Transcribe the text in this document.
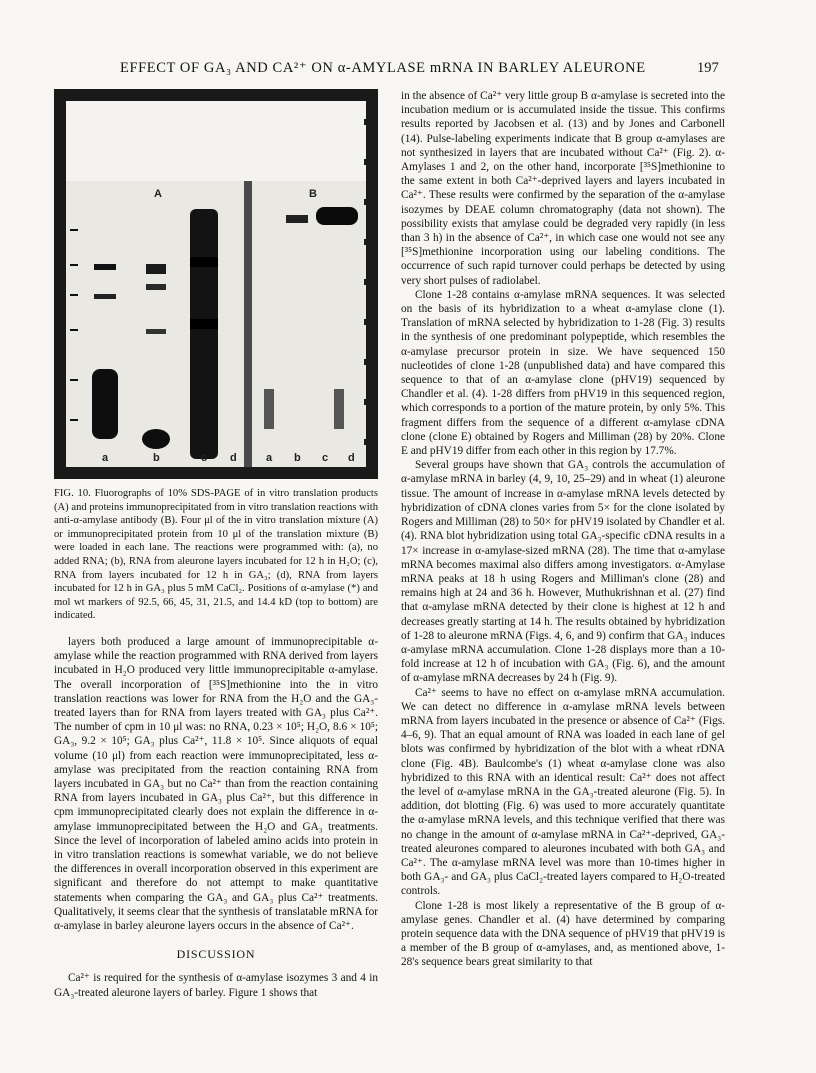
EFFECT OF GA₃ AND CA²⁺ ON α-AMYLASE mRNA IN BARLEY ALEURONE	197
A	B
a	b	c d	a b c d

FIG. 10. Fluorographs of 10% SDS-PAGE of in vitro translation products (A) and proteins immunoprecipitated from in vitro translation reactions with anti-α-amylase antibody (B). Four μl of the in vitro translation mixture (A) or immunoprecipitated protein from 10 μl of the translation mixture (B) were loaded in each lane. The reactions were programmed with: (a), no added RNA; (b), RNA from aleurone layers incubated for 12 h in H₂O; (c), RNA from layers incubated for 12 h in GA₃; (d), RNA from layers incubated for 12 h in GA₃ plus 5 mM CaCl₂. Positions of α-amylase (*) and mol wt markers of 92.5, 66, 45, 31, 21.5, and 14.4 kD (top to bottom) are indicated.

layers both produced a large amount of immunoprecipitable α-amylase while the reaction programmed with RNA derived from layers incubated in H₂O produced very little immunoprecipitable α-amylase. The overall incorporation of [³⁵S]methionine into the in vitro translation reactions was lower for RNA from the H₂O and the GA₃-treated layers than for RNA from layers treated with GA₃ plus Ca²⁺. The number of cpm in 10 μl was: no RNA, 0.23 × 10⁵; H₂O, 8.6 × 10⁵; GA₃, 9.2 × 10⁵; GA₃ plus Ca²⁺, 11.8 × 10⁵. Since aliquots of equal volume (10 μl) from each reaction were immunoprecipitated, less α-amylase was precipitated from the reaction containing RNA from layers incubated in GA₃ but no Ca²⁺ than from the reaction containing RNA from layers incubated in GA₃ plus Ca²⁺, but this difference in cpm immunoprecipitated clearly does not explain the difference in α-amylase immunoprecipitated between the H₂O and GA₃ treatments. Since the level of incorporation of labeled amino acids into protein in in vitro translation reactions is somewhat variable, we do not believe the differences in overall incorporation observed in this experiment are significant and therefore do not attempt to make quantitative statements when comparing the GA₃ and GA₃ plus Ca²⁺ treatments. Qualitatively, it seems clear that the synthesis of translatable mRNA for α-amylase in barley aleurone layers occurs in the absence of Ca²⁺.

DISCUSSION

Ca²⁺ is required for the synthesis of α-amylase isozymes 3 and 4 in GA₃-treated aleurone layers of barley. Figure 1 shows that

in the absence of Ca²⁺ very little group B α-amylase is secreted into the incubation medium or is accumulated inside the tissue. This confirms results reported by Jacobsen et al. (13) and by Jones and Carbonell (14). Pulse-labeling experiments indicate that B group α-amylases are not synthesized in layers that are incubated without Ca²⁺ (Fig. 2). α-Amylases 1 and 2, on the other hand, incorporate [³⁵S]methionine to the same extent in both Ca²⁺-deprived layers and layers incubated in Ca²⁺. These results were confirmed by the separation of the α-amylase isozymes by DEAE column chromatography (data not shown). The possibility exists that amylase could be degraded very rapidly (in less than 3 h) in the absence of Ca²⁺, in which case one would not see any [³⁵S]methionine incorporation using our labeling conditions. The occurrence of such rapid turnover could perhaps be detected by using very short pulses of radiolabel.

Clone 1-28 contains α-amylase mRNA sequences. It was selected on the basis of its hybridization to a wheat α-amylase clone (1). Translation of mRNA selected by hybridization to 1-28 (Fig. 3) results in the synthesis of one predominant polypeptide, which resembles the α-amylase precursor protein in size. We have sequenced 150 nucleotides of clone 1-28 (unpublished data) and have compared this sequence to that of an α-amylase clone (pHV19) sequenced by Chandler et al. (4). 1-28 differs from pHV19 in this sequenced region, which corresponds to a portion of the mature protein, by only 5%. This fragment differs from the sequence of a different α-amylase cDNA clone (clone E) obtained by Rogers and Milliman (28) by 20%. Clone E and pHV19 differ from each other in this region by 17.7%.

Several groups have shown that GA₃ controls the accumulation of α-amylase mRNA in barley (4, 9, 10, 25–29) and in wheat (1) aleurone tissue. The amount of increase in α-amylase mRNA levels detected by hybridization of cDNA clones varies from 5× for the clone isolated by Rogers and Milliman (28) to 50× for pHV19 isolated by Chandler et al. (4). RNA blot hybridization using total GA₃-specific cDNA results in a 17× increase in α-amylase-sized mRNA (28). The time that α-amylase mRNA becomes maximal also differs among investigators. α-Amylase mRNA peaks at 18 h using Rogers and Milliman's clone (28) and remains high at 24 and 36 h. However, Muthukrishnan et al. (27) find that α-amylase mRNA detected by their clone is highest at 12 h and decreases greatly starting at 14 h. The results obtained by hybridization of 1-28 to aleurone mRNA (Figs. 4, 6, and 9) confirm that GA₃ induces α-amylase mRNA accumulation. Clone 1-28 displays more than a 10-fold increase at 12 h of incubation with GA₃ (Fig. 6), and the amount of α-amylase mRNA decreases by 24 h (Fig. 9).

Ca²⁺ seems to have no effect on α-amylase mRNA accumulation. We can detect no difference in α-amylase mRNA levels between mRNA from layers incubated in the presence or absence of Ca²⁺ (Figs. 4–6, 9). That an equal amount of RNA was loaded in each lane of gel blots was confirmed by hybridization of the blot with a wheat rDNA clone (Fig. 4B). Baulcombe's (1) wheat α-amylase clone was also hybridized to this RNA with an identical result: Ca²⁺ does not affect the level of α-amylase mRNA in the GA₃-treated aleurone (Fig. 5). In addition, dot blotting (Fig. 6) was used to more accurately quantitate the α-amylase mRNA levels, and this technique verified that there was no change in the amount of α-amylase mRNA in Ca²⁺-deprived, GA₃-treated aleurones compared to aleurones incubated with both GA₃ and Ca²⁺. The α-amylase mRNA level was more than 10-times higher in both GA₃- and GA₃ plus CaCl₂-treated layers compared to H₂O-treated controls.

Clone 1-28 is most likely a representative of the B group of α-amylase genes. Chandler et al. (4) have determined by comparing protein sequence data with the DNA sequence of pHV19 that pHV19 is a member of the B group of α-amylases, and, as mentioned above, 1-28's sequence bears great similarity to that
